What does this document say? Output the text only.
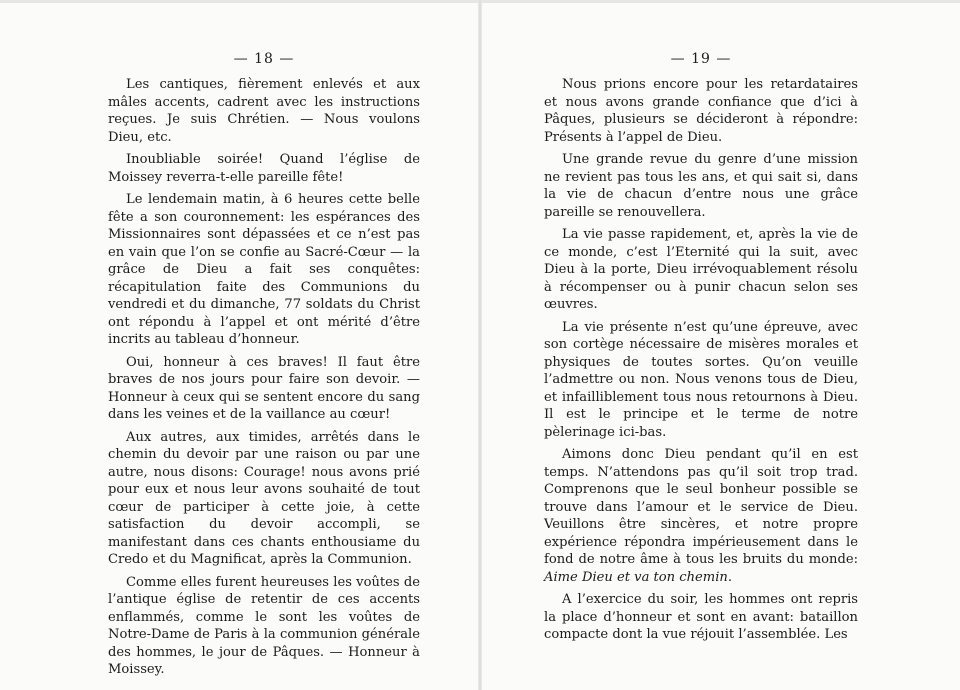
— 18 —

Les cantiques, fièrement enlevés et aux mâles accents, cadrent avec les instructions reçues. Je suis Chrétien. — Nous voulons Dieu, etc.

Inoubliable soirée! Quand l’église de Moissey reverra-t-elle pareille fête!

Le lendemain matin, à 6 heures cette belle fête a son couronnement: les espérances des Missionnaires sont dépassées et ce n’est pas en vain que l’on se confie au Sacré-Cœur — la grâce de Dieu a fait ses conquêtes: récapitulation faite des Communions du vendredi et du dimanche, 77 soldats du Christ ont répondu à l’appel et ont mérité d’être incrits au tableau d’honneur.

Oui, honneur à ces braves! Il faut être braves de nos jours pour faire son devoir. — Honneur à ceux qui se sentent encore du sang dans les veines et de la vaillance au cœur!

Aux autres, aux timides, arrêtés dans le chemin du devoir par une raison ou par une autre, nous disons: Courage! nous avons prié pour eux et nous leur avons souhaité de tout cœur de participer à cette joie, à cette satisfaction du devoir accompli, se manifestant dans ces chants enthousiame du Credo et du Magnificat, après la Communion.

Comme elles furent heureuses les voûtes de l’antique église de retentir de ces accents enflammés, comme le sont les voûtes de Notre-Dame de Paris à la communion générale des hommes, le jour de Pâques. — Honneur à Moissey.

— 19 —

Nous prions encore pour les retardataires et nous avons grande confiance que d’ici à Pâques, plusieurs se décideront à répondre: Présents à l’appel de Dieu.

Une grande revue du genre d’une mission ne revient pas tous les ans, et qui sait si, dans la vie de chacun d’entre nous une grâce pareille se renouvellera.

La vie passe rapidement, et, après la vie de ce monde, c’est l’Eternité qui la suit, avec Dieu à la porte, Dieu irrévoquablement résolu à récompenser ou à punir chacun selon ses œuvres.

La vie présente n’est qu’une épreuve, avec son cortège nécessaire de misères morales et physiques de toutes sortes. Qu’on veuille l’admettre ou non. Nous venons tous de Dieu, et infailliblement tous nous retournons à Dieu. Il est le principe et le terme de notre pèlerinage ici-bas.

Aimons donc Dieu pendant qu’il en est temps. N’attendons pas qu’il soit trop trad. Comprenons que le seul bonheur possible se trouve dans l’amour et le service de Dieu. Veuillons être sincères, et notre propre expérience répondra impérieusement dans le fond de notre âme à tous les bruits du monde: Aime Dieu et va ton chemin.

A l’exercice du soir, les hommes ont repris la place d’honneur et sont en avant: bataillon compacte dont la vue réjouit l’assemblée. Les
